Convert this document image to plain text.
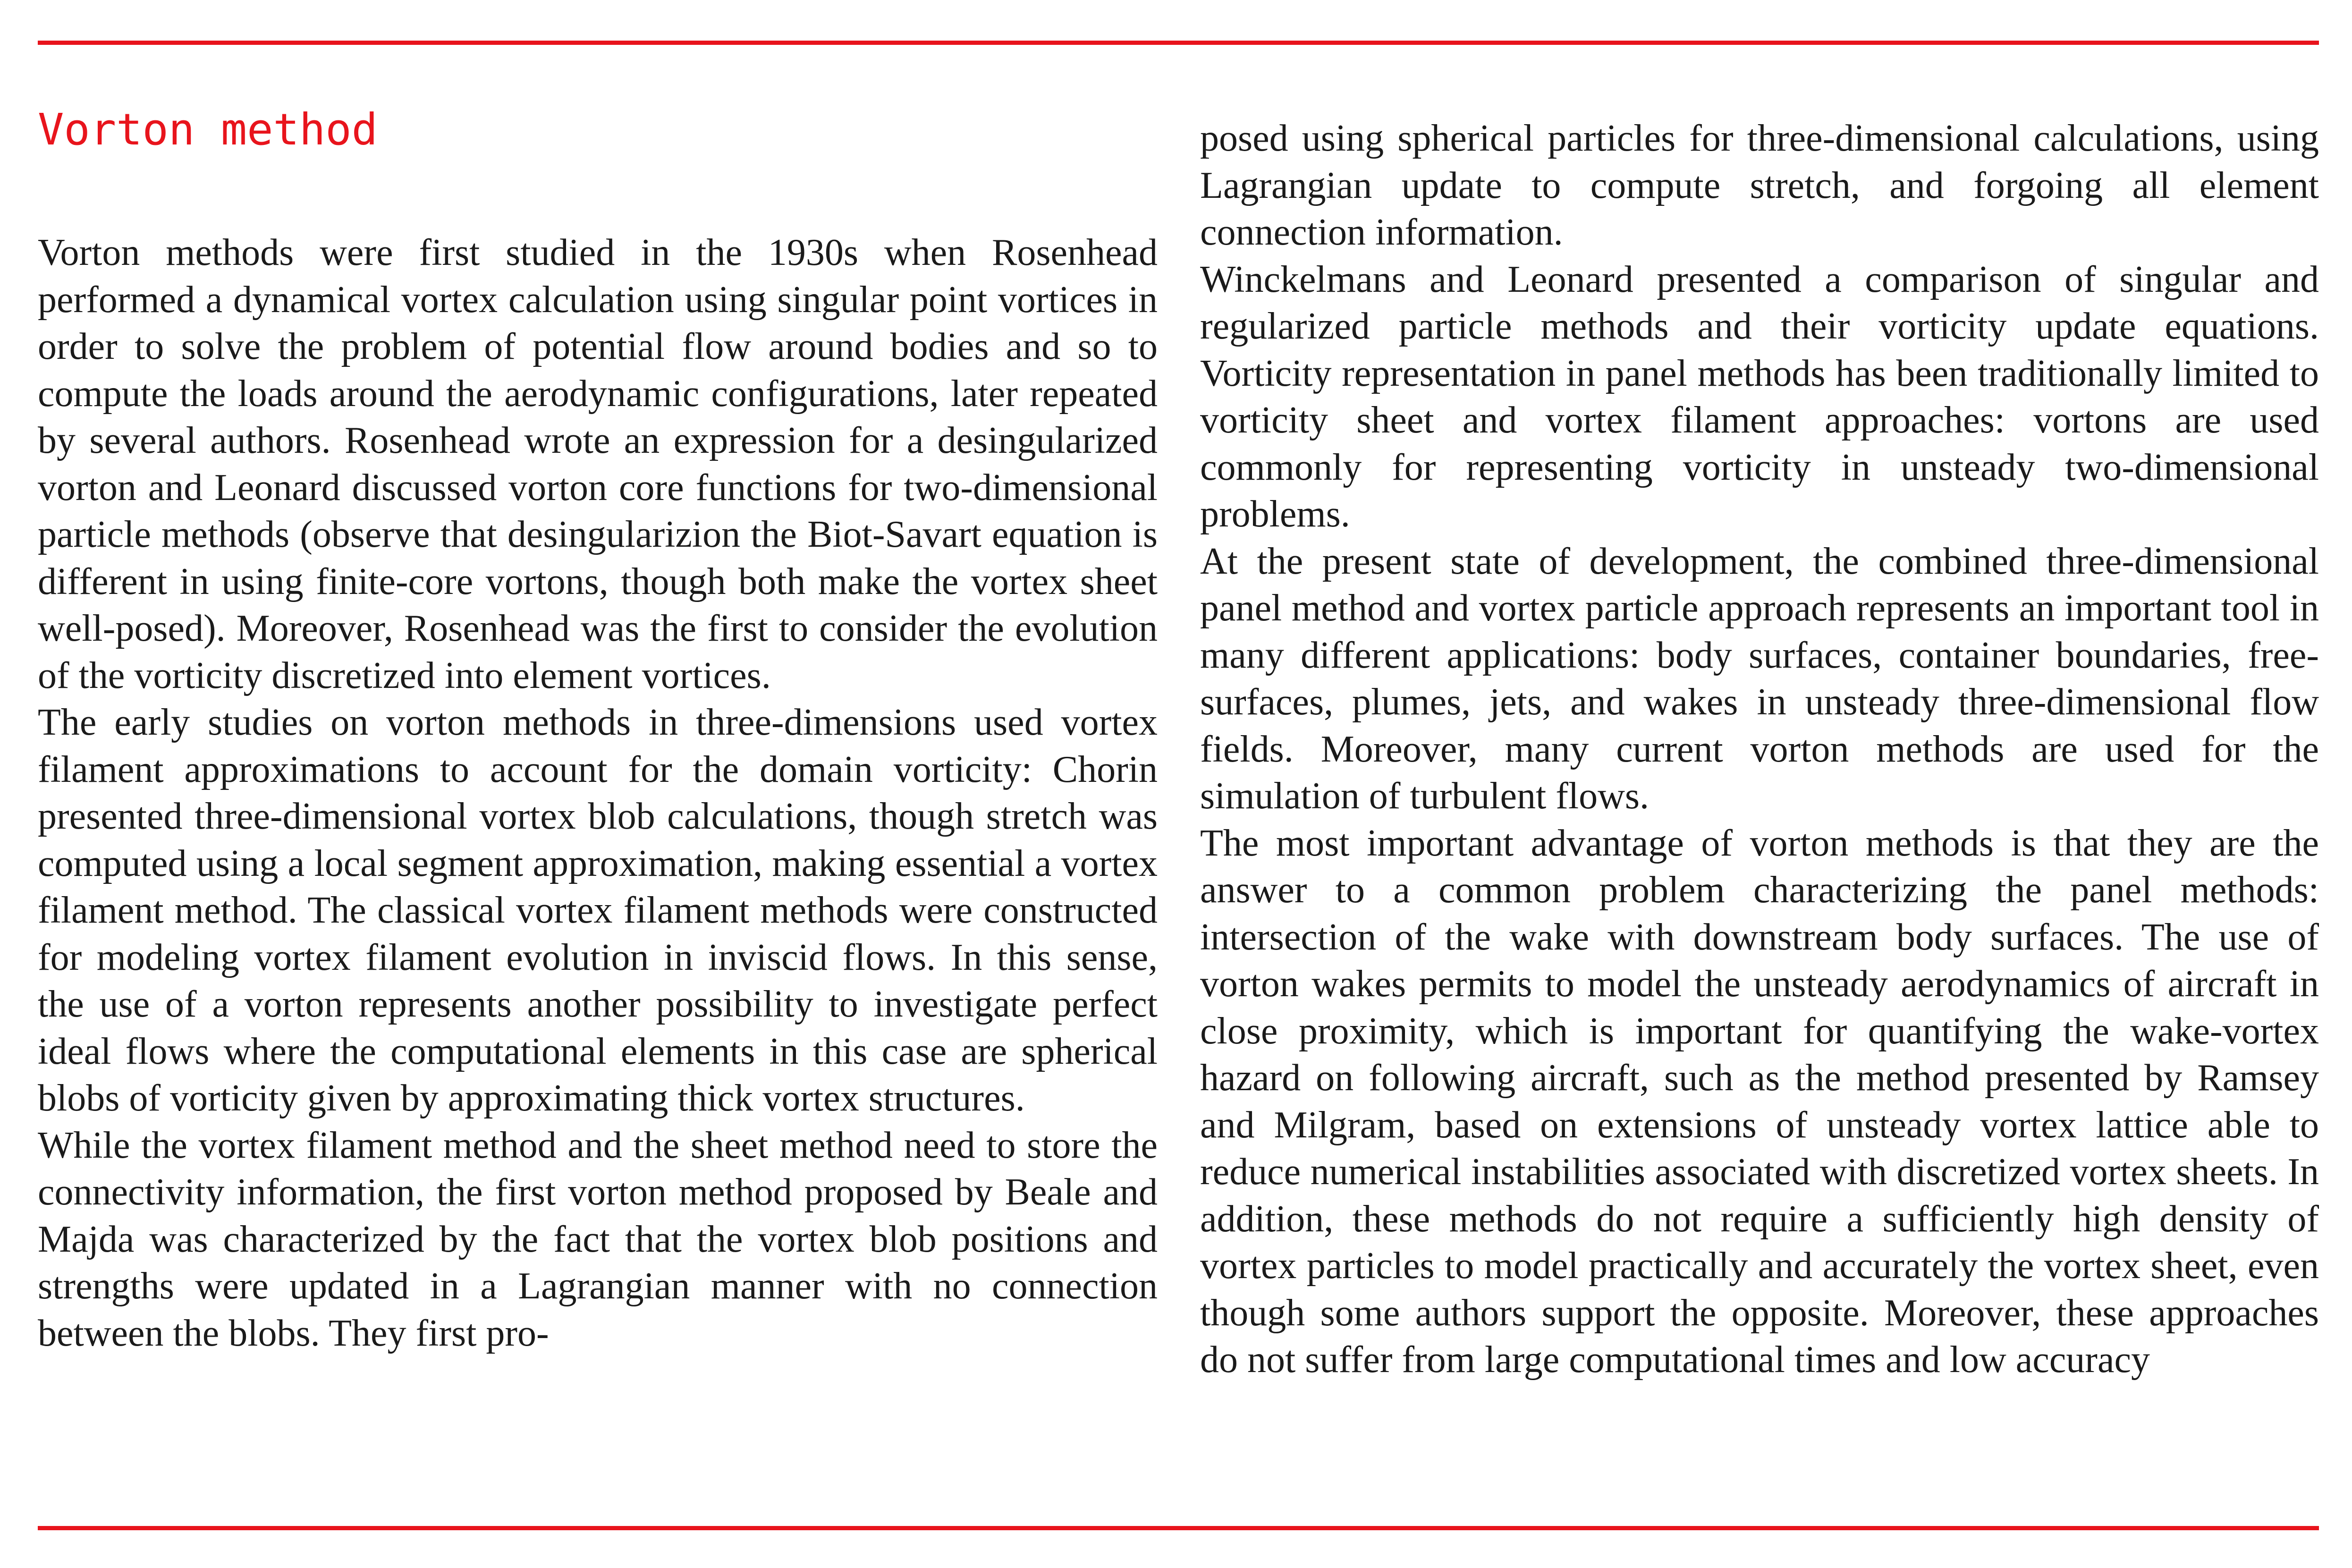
Vorton method

Vorton methods were first studied in the 1930s when Rosenhead performed a dynamical vortex calculation using singular point vortices in order to solve the problem of potential flow around bodies and so to compute the loads around the aerodynamic configurations, later repeated by several authors. Rosenhead wrote an expression for a desingularized vorton and Leonard discussed vorton core functions for two-dimensional particle methods (observe that desingularizion the Biot-Savart equation is different in using finite-core vortons, though both make the vortex sheet well-posed). Moreover, Rosenhead was the first to consider the evolution of the vorticity discretized into element vortices.

The early studies on vorton methods in three-dimensions used vortex filament approximations to account for the domain vorticity: Chorin presented three-dimensional vortex blob calculations, though stretch was computed using a local segment approximation, making essential a vortex filament method. The classical vortex filament methods were constructed for modeling vortex filament evolution in inviscid flows. In this sense, the use of a vorton represents another possibility to investigate perfect ideal flows where the computational elements in this case are spherical blobs of vorticity given by approximating thick vortex structures.

While the vortex filament method and the sheet method need to store the connectivity information, the first vorton method proposed by Beale and Majda was characterized by the fact that the vortex blob positions and strengths were updated in a Lagrangian manner with no connection between the blobs. They first pro-

posed using spherical particles for three-dimensional calculations, using Lagrangian update to compute stretch, and forgoing all element connection information.

Winckelmans and Leonard presented a comparison of singular and regularized particle methods and their vorticity update equations. Vorticity representation in panel methods has been traditionally limited to vorticity sheet and vortex filament approaches: vortons are used commonly for representing vorticity in unsteady two-dimensional problems.

At the present state of development, the combined three-dimensional panel method and vortex particle approach represents an important tool in many different applications: body surfaces, container boundaries, free-surfaces, plumes, jets, and wakes in unsteady three-dimensional flow fields. Moreover, many current vorton methods are used for the simulation of turbulent flows.

The most important advantage of vorton methods is that they are the answer to a common problem characterizing the panel methods: intersection of the wake with downstream body surfaces. The use of vorton wakes permits to model the unsteady aerodynamics of aircraft in close proximity, which is important for quantifying the wake-vortex hazard on following aircraft, such as the method presented by Ramsey and Milgram, based on extensions of unsteady vortex lattice able to reduce numerical instabilities associated with discretized vortex sheets. In addition, these methods do not require a sufficiently high density of vortex particles to model practically and accurately the vortex sheet, even though some authors support the opposite. Moreover, these approaches do not suffer from large computational times and low accuracy
